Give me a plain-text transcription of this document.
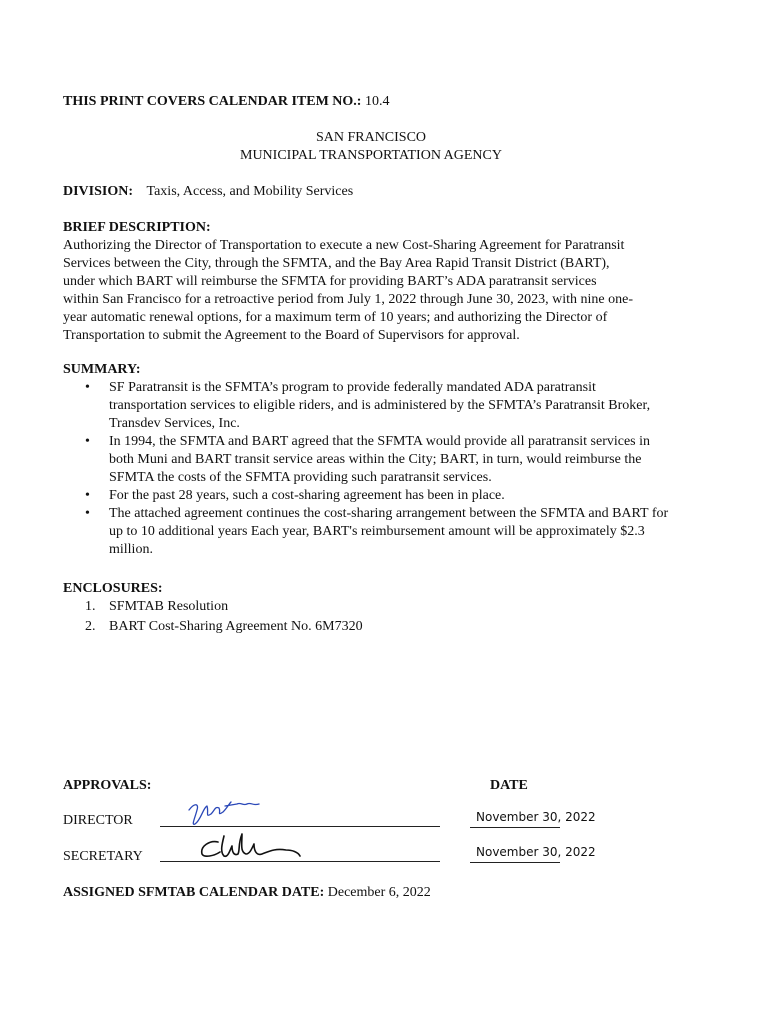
THIS PRINT COVERS CALENDAR ITEM NO.: 10.4
SAN FRANCISCO
MUNICIPAL TRANSPORTATION AGENCY
DIVISION: Taxis, Access, and Mobility Services
BRIEF DESCRIPTION:
Authorizing the Director of Transportation to execute a new Cost-Sharing Agreement for Paratransit
Services between the City, through the SFMTA, and the Bay Area Rapid Transit District (BART),
under which BART will reimburse the SFMTA for providing BART’s ADA paratransit services
within San Francisco for a retroactive period from July 1, 2022 through June 30, 2023, with nine one-
year automatic renewal options, for a maximum term of 10 years; and authorizing the Director of
Transportation to submit the Agreement to the Board of Supervisors for approval.
SUMMARY:
• SF Paratransit is the SFMTA’s program to provide federally mandated ADA paratransit transportation services to eligible riders, and is administered by the SFMTA’s Paratransit Broker, Transdev Services, Inc.
• In 1994, the SFMTA and BART agreed that the SFMTA would provide all paratransit services in both Muni and BART transit service areas within the City; BART, in turn, would reimburse the SFMTA the costs of the SFMTA providing such paratransit services.
• For the past 28 years, such a cost-sharing agreement has been in place.
• The attached agreement continues the cost-sharing arrangement between the SFMTA and BART for up to 10 additional years Each year, BART's reimbursement amount will be approximately $2.3 million.
ENCLOSURES:
1. SFMTAB Resolution
2. BART Cost-Sharing Agreement No. 6M7320
APPROVALS:	DATE
DIRECTOR	November 30, 2022
SECRETARY	November 30, 2022
ASSIGNED SFMTAB CALENDAR DATE: December 6, 2022
